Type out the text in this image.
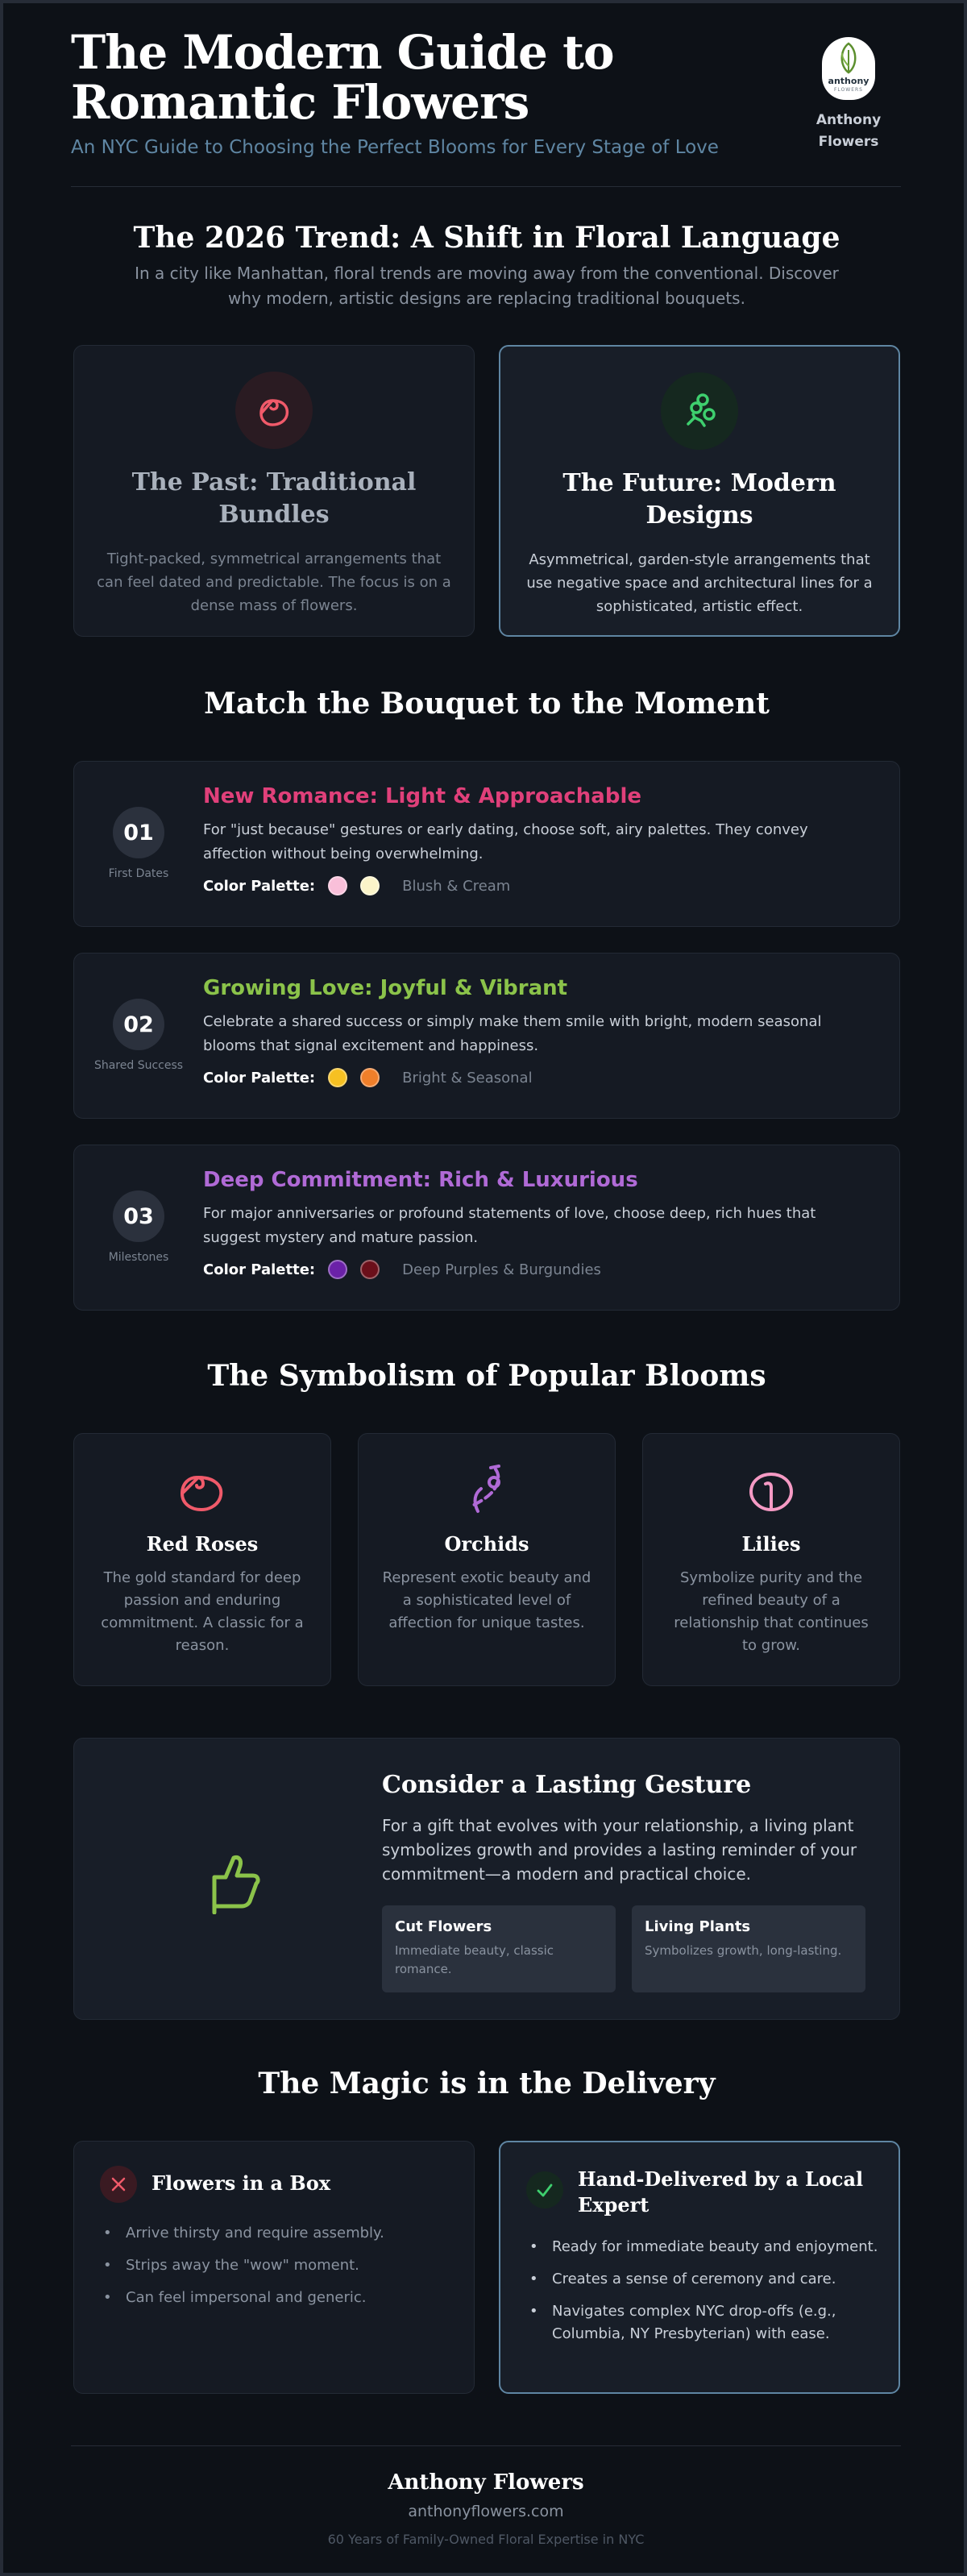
The Modern Guide to Romantic Flowers
An NYC Guide to Choosing the Perfect Blooms for Every Stage of Love
anthony
FLOWERS
Anthony Flowers
The 2026 Trend: A Shift in Floral Language
In a city like Manhattan, floral trends are moving away from the conventional. Discover why modern, artistic designs are replacing traditional bouquets.
The Past: Traditional Bundles
Tight-packed, symmetrical arrangements that can feel dated and predictable. The focus is on a dense mass of flowers.
The Future: Modern Designs
Asymmetrical, garden-style arrangements that use negative space and architectural lines for a sophisticated, artistic effect.
Match the Bouquet to the Moment
01
First Dates
New Romance: Light & Approachable
For "just because" gestures or early dating, choose soft, airy palettes. They convey affection without being overwhelming.
Color Palette:	Blush & Cream
02
Shared Success
Growing Love: Joyful & Vibrant
Celebrate a shared success or simply make them smile with bright, modern seasonal blooms that signal excitement and happiness.
Color Palette:	Bright & Seasonal
03
Milestones
Deep Commitment: Rich & Luxurious
For major anniversaries or profound statements of love, choose deep, rich hues that suggest mystery and mature passion.
Color Palette:	Deep Purples & Burgundies
The Symbolism of Popular Blooms
Red Roses
The gold standard for deep passion and enduring commitment. A classic for a reason.
Orchids
Represent exotic beauty and a sophisticated level of affection for unique tastes.
Lilies
Symbolize purity and the refined beauty of a relationship that continues to grow.
Consider a Lasting Gesture
For a gift that evolves with your relationship, a living plant symbolizes growth and provides a lasting reminder of your commitment—a modern and practical choice.
Cut Flowers
Immediate beauty, classic romance.
Living Plants
Symbolizes growth, long-lasting.
The Magic is in the Delivery
Flowers in a Box
• Arrive thirsty and require assembly.
• Strips away the "wow" moment.
• Can feel impersonal and generic.
Hand-Delivered by a Local Expert
• Ready for immediate beauty and enjoyment.
• Creates a sense of ceremony and care.
• Navigates complex NYC drop-offs (e.g., Columbia, NY Presbyterian) with ease.
Anthony Flowers
anthonyflowers.com
60 Years of Family-Owned Floral Expertise in NYC
